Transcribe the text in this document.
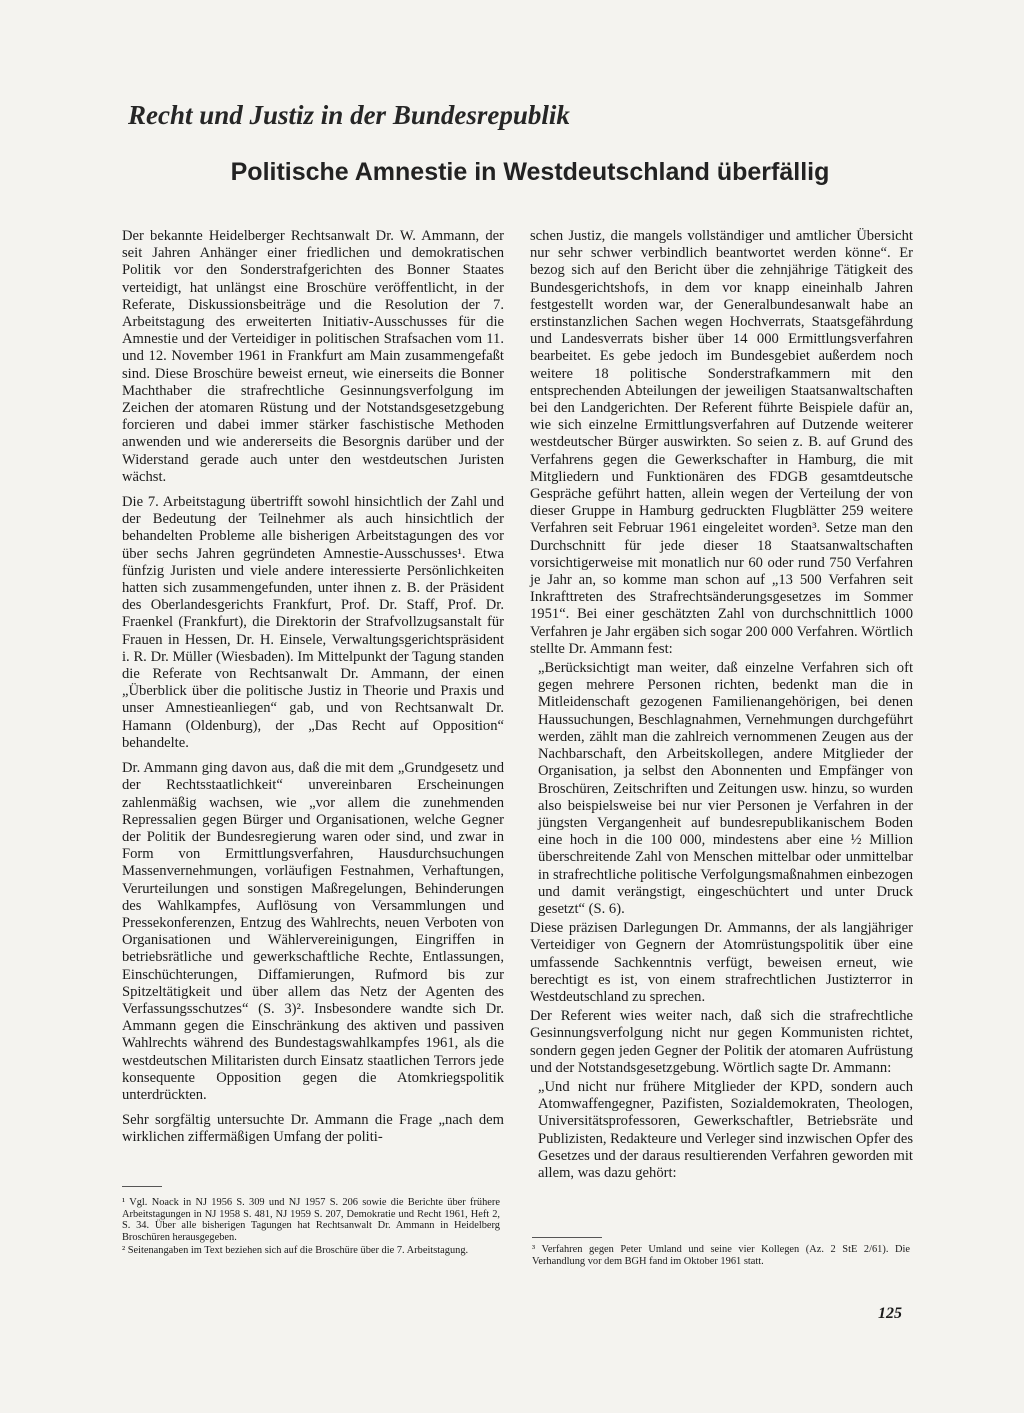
Recht und Justiz in der Bundesrepublik
Politische Amnestie in Westdeutschland überfällig

Der bekannte Heidelberger Rechtsanwalt Dr. W. Ammann, der seit Jahren Anhänger einer friedlichen und demokratischen Politik vor den Sonderstrafgerichten des Bonner Staates verteidigt, hat unlängst eine Broschüre veröffentlicht, in der Referate, Diskussionsbeiträge und die Resolution der 7. Arbeitstagung des erweiterten Initiativ-Ausschusses für die Amnestie und der Verteidiger in politischen Strafsachen vom 11. und 12. November 1961 in Frankfurt am Main zusammengefaßt sind. Diese Broschüre beweist erneut, wie einerseits die Bonner Machthaber die strafrechtliche Gesinnungsverfolgung im Zeichen der atomaren Rüstung und der Notstandsgesetzgebung forcieren und dabei immer stärker faschistische Methoden anwenden und wie andererseits die Besorgnis darüber und der Widerstand gerade auch unter den westdeutschen Juristen wächst.

Die 7. Arbeitstagung übertrifft sowohl hinsichtlich der Zahl und der Bedeutung der Teilnehmer als auch hinsichtlich der behandelten Probleme alle bisherigen Arbeitstagungen des vor über sechs Jahren gegründeten Amnestie-Ausschusses¹. Etwa fünfzig Juristen und viele andere interessierte Persönlichkeiten hatten sich zusammengefunden, unter ihnen z. B. der Präsident des Oberlandesgerichts Frankfurt, Prof. Dr. Staff, Prof. Dr. Fraenkel (Frankfurt), die Direktorin der Strafvollzugsanstalt für Frauen in Hessen, Dr. H. Einsele, Verwaltungsgerichtspräsident i. R. Dr. Müller (Wiesbaden). Im Mittelpunkt der Tagung standen die Referate von Rechtsanwalt Dr. Ammann, der einen „Überblick über die politische Justiz in Theorie und Praxis und unser Amnestieanliegen“ gab, und von Rechtsanwalt Dr. Hamann (Oldenburg), der „Das Recht auf Opposition“ behandelte.

Dr. Ammann ging davon aus, daß die mit dem „Grundgesetz und der Rechtsstaatlichkeit“ unvereinbaren Erscheinungen zahlenmäßig wachsen, wie „vor allem die zunehmenden Repressalien gegen Bürger und Organisationen, welche Gegner der Politik der Bundesregierung waren oder sind, und zwar in Form von Ermittlungsverfahren, Hausdurchsuchungen Massenvernehmungen, vorläufigen Festnahmen, Verhaftungen, Verurteilungen und sonstigen Maßregelungen, Behinderungen des Wahlkampfes, Auflösung von Versammlungen und Pressekonferenzen, Entzug des Wahlrechts, neuen Verboten von Organisationen und Wählervereinigungen, Eingriffen in betriebsrätliche und gewerkschaftliche Rechte, Entlassungen, Einschüchterungen, Diffamierungen, Rufmord bis zur Spitzeltätigkeit und über allem das Netz der Agenten des Verfassungsschutzes“ (S. 3)². Insbesondere wandte sich Dr. Ammann gegen die Einschränkung des aktiven und passiven Wahlrechts während des Bundestagswahlkampfes 1961, als die westdeutschen Militaristen durch Einsatz staatlichen Terrors jede konsequente Opposition gegen die Atomkriegspolitik unterdrückten.

Sehr sorgfältig untersuchte Dr. Ammann die Frage „nach dem wirklichen ziffermäßigen Umfang der politi-

schen Justiz, die mangels vollständiger und amtlicher Übersicht nur sehr schwer verbindlich beantwortet werden könne“. Er bezog sich auf den Bericht über die zehnjährige Tätigkeit des Bundesgerichtshofs, in dem vor knapp eineinhalb Jahren festgestellt worden war, der Generalbundesanwalt habe an erstinstanzlichen Sachen wegen Hochverrats, Staatsgefährdung und Landesverrats bisher über 14 000 Ermittlungsverfahren bearbeitet. Es gebe jedoch im Bundesgebiet außerdem noch weitere 18 politische Sonderstrafkammern mit den entsprechenden Abteilungen der jeweiligen Staatsanwaltschaften bei den Landgerichten. Der Referent führte Beispiele dafür an, wie sich einzelne Ermittlungsverfahren auf Dutzende weiterer westdeutscher Bürger auswirkten. So seien z. B. auf Grund des Verfahrens gegen die Gewerkschafter in Hamburg, die mit Mitgliedern und Funktionären des FDGB gesamtdeutsche Gespräche geführt hatten, allein wegen der Verteilung der von dieser Gruppe in Hamburg gedruckten Flugblätter 259 weitere Verfahren seit Februar 1961 eingeleitet worden³. Setze man den Durchschnitt für jede dieser 18 Staatsanwaltschaften vorsichtigerweise mit monatlich nur 60 oder rund 750 Verfahren je Jahr an, so komme man schon auf „13 500 Verfahren seit Inkrafttreten des Strafrechtsänderungsgesetzes im Sommer 1951“. Bei einer geschätzten Zahl von durchschnittlich 1000 Verfahren je Jahr ergäben sich sogar 200 000 Verfahren. Wörtlich stellte Dr. Ammann fest:

„Berücksichtigt man weiter, daß einzelne Verfahren sich oft gegen mehrere Personen richten, bedenkt man die in Mitleidenschaft gezogenen Familienangehörigen, bei denen Haussuchungen, Beschlagnahmen, Vernehmungen durchgeführt werden, zählt man die zahlreich vernommenen Zeugen aus der Nachbarschaft, den Arbeitskollegen, andere Mitglieder der Organisation, ja selbst den Abonnenten und Empfänger von Broschüren, Zeitschriften und Zeitungen usw. hinzu, so wurden also beispielsweise bei nur vier Personen je Verfahren in der jüngsten Vergangenheit auf bundesrepublikanischem Boden eine hoch in die 100 000, mindestens aber eine ½ Million überschreitende Zahl von Menschen mittelbar oder unmittelbar in strafrechtliche politische Verfolgungsmaßnahmen einbezogen und damit verängstigt, eingeschüchtert und unter Druck gesetzt“ (S. 6).

Diese präzisen Darlegungen Dr. Ammanns, der als langjähriger Verteidiger von Gegnern der Atomrüstungspolitik über eine umfassende Sachkenntnis verfügt, beweisen erneut, wie berechtigt es ist, von einem strafrechtlichen Justizterror in Westdeutschland zu sprechen.

Der Referent wies weiter nach, daß sich die strafrechtliche Gesinnungsverfolgung nicht nur gegen Kommunisten richtet, sondern gegen jeden Gegner der Politik der atomaren Aufrüstung und der Notstandsgesetzgebung. Wörtlich sagte Dr. Ammann:

„Und nicht nur frühere Mitglieder der KPD, sondern auch Atomwaffengegner, Pazifisten, Sozialdemokraten, Theologen, Universitätsprofessoren, Gewerkschaftler, Betriebsräte und Publizisten, Redakteure und Verleger sind inzwischen Opfer des Gesetzes und der daraus resultierenden Verfahren geworden mit allem, was dazu gehört:

¹ Vgl. Noack in NJ 1956 S. 309 und NJ 1957 S. 206 sowie die Berichte über frühere Arbeitstagungen in NJ 1958 S. 481, NJ 1959 S. 207, Demokratie und Recht 1961, Heft 2, S. 34. Über alle bisherigen Tagungen hat Rechtsanwalt Dr. Ammann in Heidelberg Broschüren herausgegeben.

² Seitenangaben im Text beziehen sich auf die Broschüre über die 7. Arbeitstagung.	³ Verfahren gegen Peter Umland und seine vier Kollegen (Az. 2 StE 2/61). Die Verhandlung vor dem BGH fand im Oktober 1961 statt.

125
